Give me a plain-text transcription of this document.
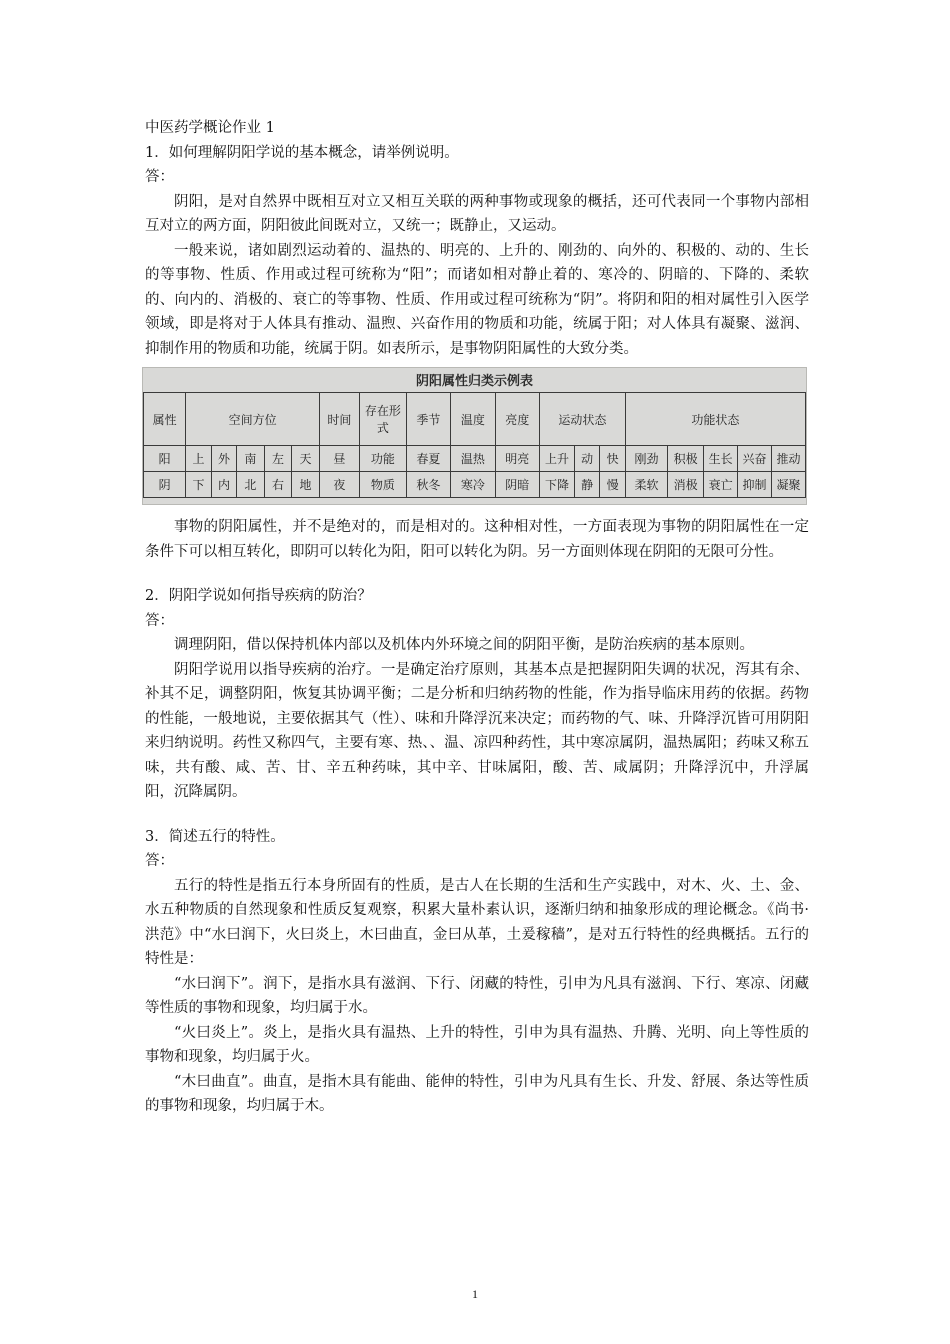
中医药学概论作业 1
1．如何理解阴阳学说的基本概念，请举例说明。
答：
阴阳，是对自然界中既相互对立又相互关联的两种事物或现象的概括，还可代表同一个事物内部相互对立的两方面，阴阳彼此间既对立，又统一；既静止，又运动。
一般来说，诸如剧烈运动着的、温热的、明亮的、上升的、刚劲的、向外的、积极的、动的、生长的等事物、性质、作用或过程可统称为“阳”；而诸如相对静止着的、寒冷的、阴暗的、下降的、柔软的、向内的、消极的、衰亡的等事物、性质、作用或过程可统称为“阴”。将阴和阳的相对属性引入医学领域，即是将对于人体具有推动、温煦、兴奋作用的物质和功能，统属于阳；对人体具有凝聚、滋润、抑制作用的物质和功能，统属于阴。如表所示，是事物阴阳属性的大致分类。
阴阳属性归类示例表
属性	空间方位					时间	存在形式	季节	温度	亮度	运动状态			功能状态				
阳	上	外	南	左	天	昼	功能	春夏	温热	明亮	上升	动	快	刚劲	积极	生长	兴奋	推动
阴	下	内	北	右	地	夜	物质	秋冬	寒冷	阴暗	下降	静	慢	柔软	消极	衰亡	抑制	凝聚
事物的阴阳属性，并不是绝对的，而是相对的。这种相对性，一方面表现为事物的阴阳属性在一定条件下可以相互转化，即阴可以转化为阳，阳可以转化为阴。另一方面则体现在阴阳的无限可分性。
2．阴阳学说如何指导疾病的防治？
答：
调理阴阳，借以保持机体内部以及机体内外环境之间的阴阳平衡，是防治疾病的基本原则。
阴阳学说用以指导疾病的治疗。一是确定治疗原则，其基本点是把握阴阳失调的状况，泻其有余、补其不足，调整阴阳，恢复其协调平衡；二是分析和归纳药物的性能，作为指导临床用药的依据。药物的性能，一般地说，主要依据其气（性）、味和升降浮沉来决定；而药物的气、味、升降浮沉皆可用阴阳来归纳说明。药性又称四气，主要有寒、热、、温、凉四种药性，其中寒凉属阴，温热属阳；药味又称五味，共有酸、咸、苦、甘、辛五种药味，其中辛、甘味属阳，酸、苦、咸属阴；升降浮沉中，升浮属阳，沉降属阴。
3．简述五行的特性。
答：
五行的特性是指五行本身所固有的性质，是古人在长期的生活和生产实践中，对木、火、土、金、水五种物质的自然现象和性质反复观察，积累大量朴素认识，逐渐归纳和抽象形成的理论概念。《尚书·洪范》中“水曰润下，火曰炎上，木曰曲直，金曰从革，土爰稼穑”，是对五行特性的经典概括。五行的特性是：
“水曰润下”。润下，是指水具有滋润、下行、闭藏的特性，引申为凡具有滋润、下行、寒凉、闭藏等性质的事物和现象，均归属于水。
“火曰炎上”。炎上，是指火具有温热、上升的特性，引申为具有温热、升腾、光明、向上等性质的事物和现象，均归属于火。
“木曰曲直”。曲直，是指木具有能曲、能伸的特性，引申为凡具有生长、升发、舒展、条达等性质的事物和现象，均归属于木。
1
